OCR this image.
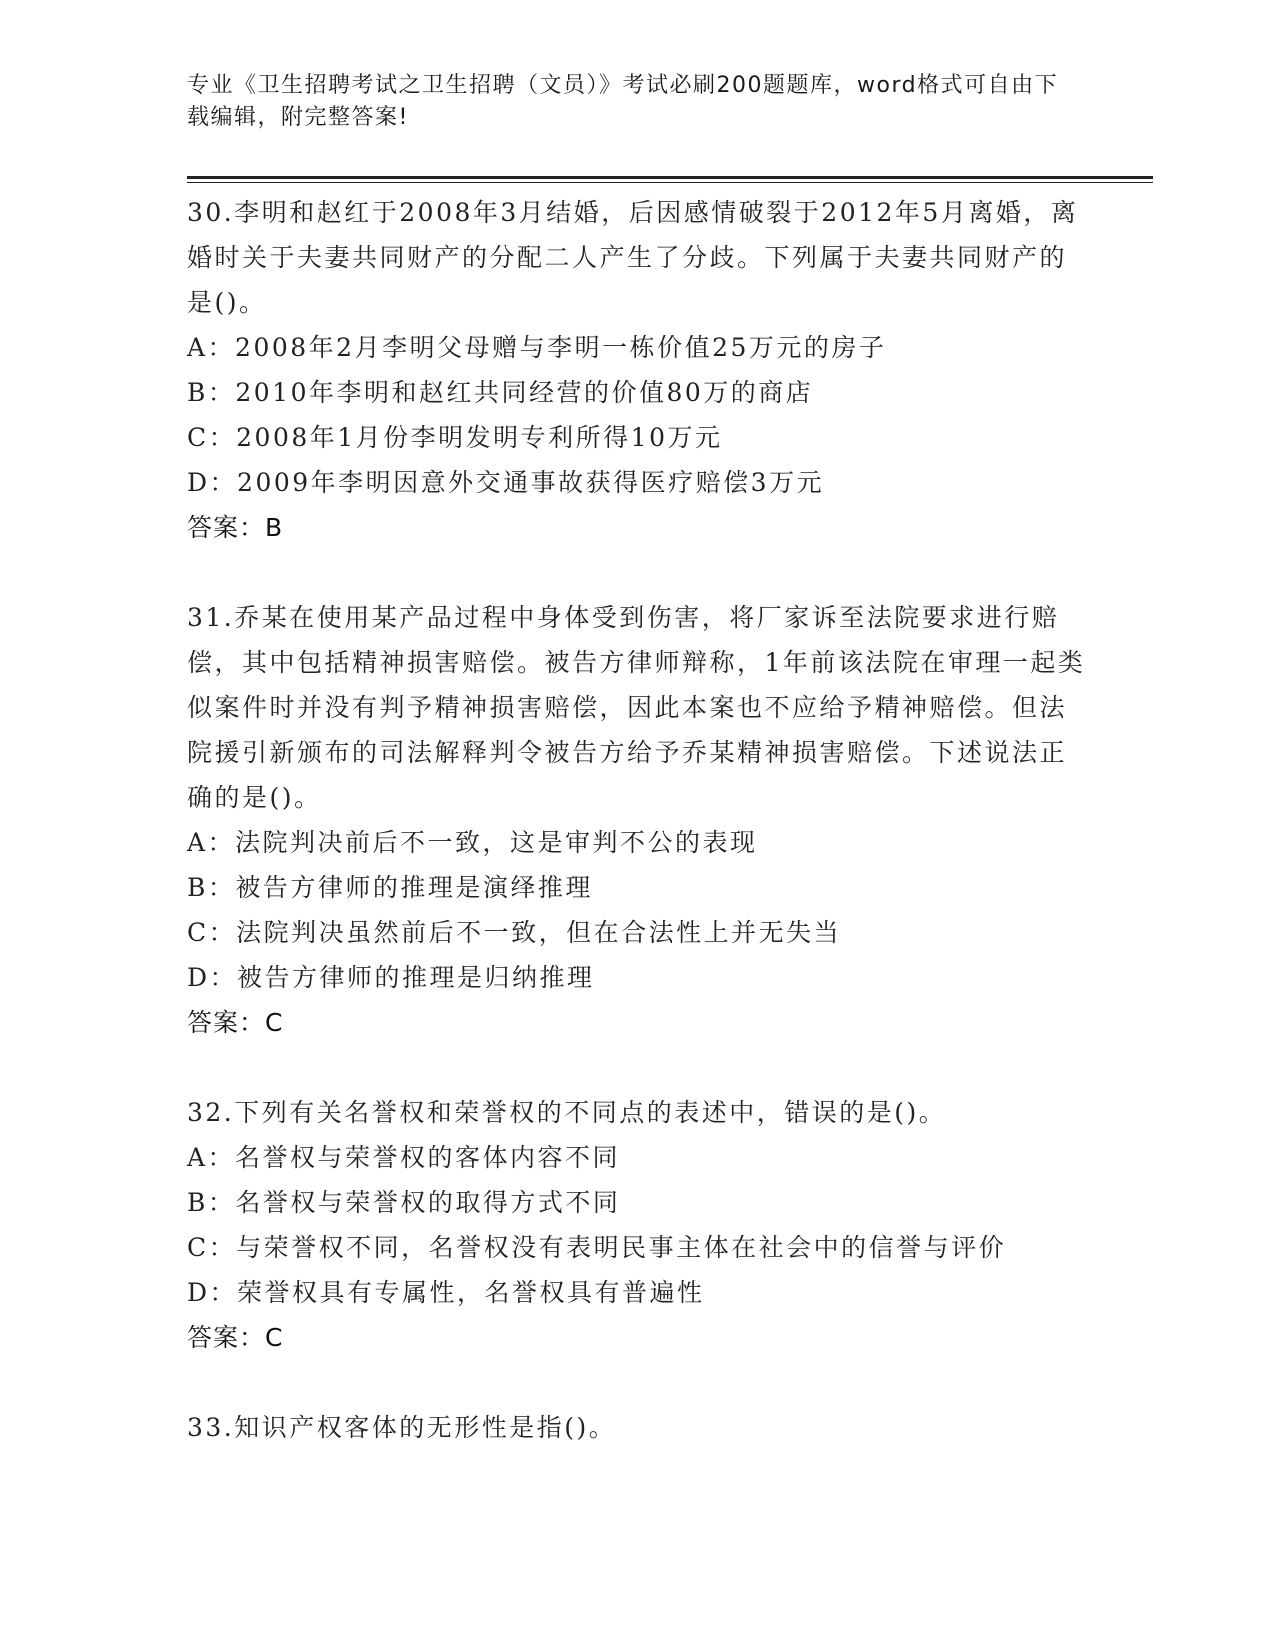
专业《卫生招聘考试之卫生招聘（文员）》考试必刷200题题库，word格式可自由下载编辑，附完整答案!

30.李明和赵红于2008年3月结婚，后因感情破裂于2012年5月离婚，离婚时关于夫妻共同财产的分配二人产生了分歧。下列属于夫妻共同财产的是()。

A：2008年2月李明父母赠与李明一栋价值25万元的房子

B：2010年李明和赵红共同经营的价值80万的商店

C：2008年1月份李明发明专利所得10万元

D：2009年李明因意外交通事故获得医疗赔偿3万元

答案：B

31.乔某在使用某产品过程中身体受到伤害，将厂家诉至法院要求进行赔偿，其中包括精神损害赔偿。被告方律师辩称，1年前该法院在审理一起类似案件时并没有判予精神损害赔偿，因此本案也不应给予精神赔偿。但法院援引新颁布的司法解释判令被告方给予乔某精神损害赔偿。下述说法正确的是()。

A：法院判决前后不一致，这是审判不公的表现

B：被告方律师的推理是演绎推理

C：法院判决虽然前后不一致，但在合法性上并无失当

D：被告方律师的推理是归纳推理

答案：C

32.下列有关名誉权和荣誉权的不同点的表述中，错误的是()。

A：名誉权与荣誉权的客体内容不同

B：名誉权与荣誉权的取得方式不同

C：与荣誉权不同，名誉权没有表明民事主体在社会中的信誉与评价

D：荣誉权具有专属性，名誉权具有普遍性

答案：C

33.知识产权客体的无形性是指()。
